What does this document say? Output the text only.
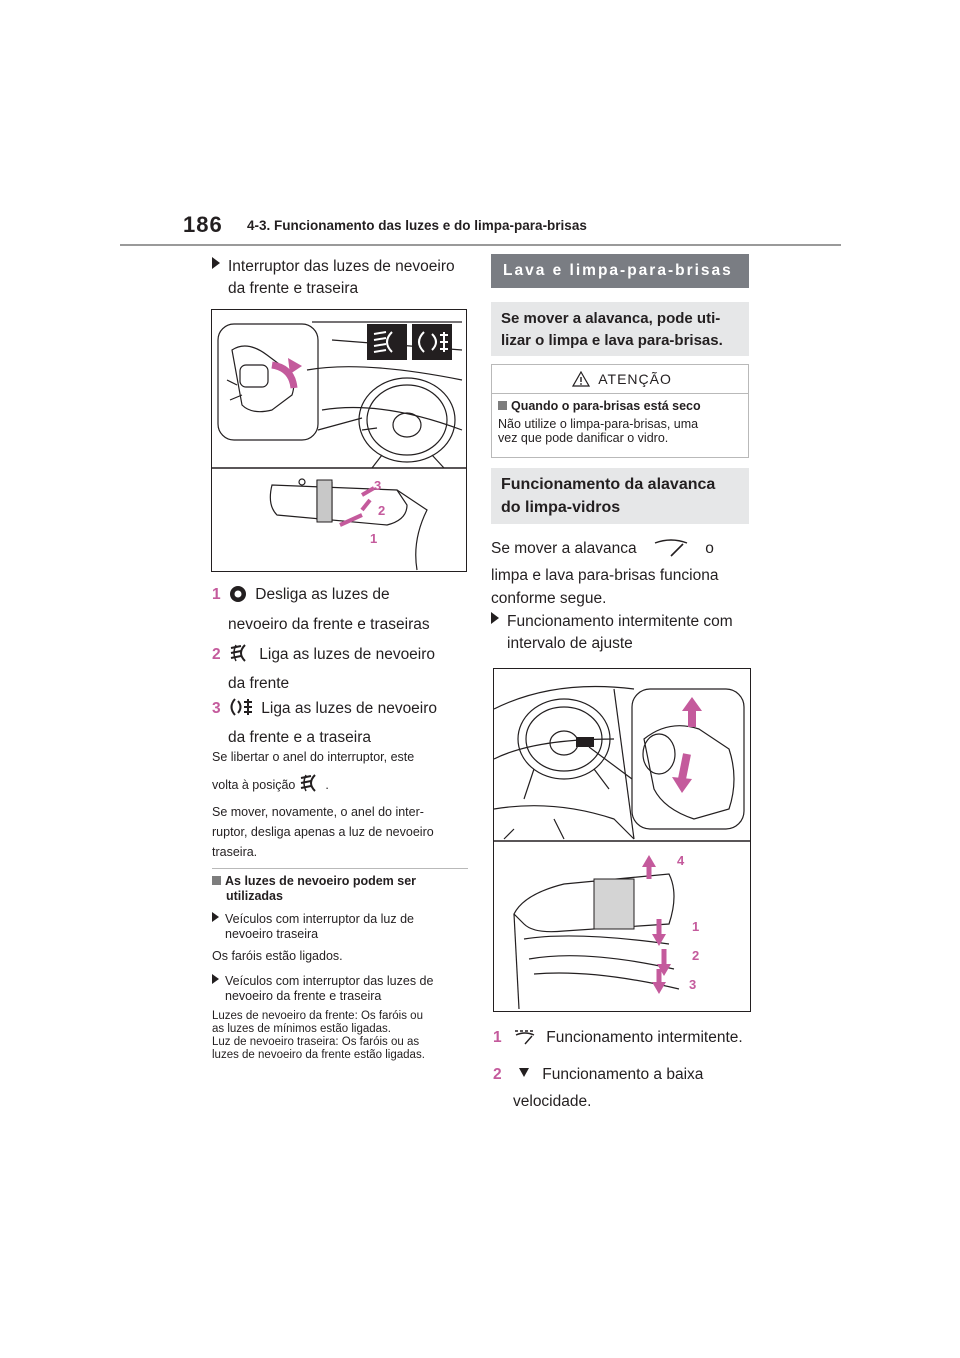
186 4-3. Funcionamento das luzes e do limpa-para-brisas
Interruptor das luzes de nevoeiro
da frente e traseira
3
2
1
1 Desliga as luzes de
nevoeiro da frente e traseiras
2 Liga as luzes de nevoeiro
da frente
3	Liga as luzes de nevoeiro
da frente e a traseira
Se libertar o anel do interruptor, este
volta à posição .
Se mover, novamente, o anel do inter-
ruptor, desliga apenas a luz de nevoeiro
traseira.
As luzes de nevoeiro podem ser
utilizadas
Veículos com interruptor da luz de
nevoeiro traseira
Os faróis estão ligados.
Veículos com interruptor das luzes de
nevoeiro da frente e traseira
Luzes de nevoeiro da frente: Os faróis ou
as luzes de mínimos estão ligadas.
Luz de nevoeiro traseira: Os faróis ou as
luzes de nevoeiro da frente estão ligadas.
Lava e limpa-para-brisas
Se mover a alavanca, pode uti-
lizar o limpa e lava para-brisas.
ATENÇÃO
Quando o para-brisas está seco
Não utilize o limpa-para-brisas, uma
vez que pode danificar o vidro.
Funcionamento da alavanca
do limpa-vidros
Se mover a alavanca	o
limpa e lava para-brisas funciona
conforme segue.
Funcionamento intermitente com
intervalo de ajuste
4
1
2
3
1	Funcionamento intermitente.
2	Funcionamento a baixa
velocidade.
